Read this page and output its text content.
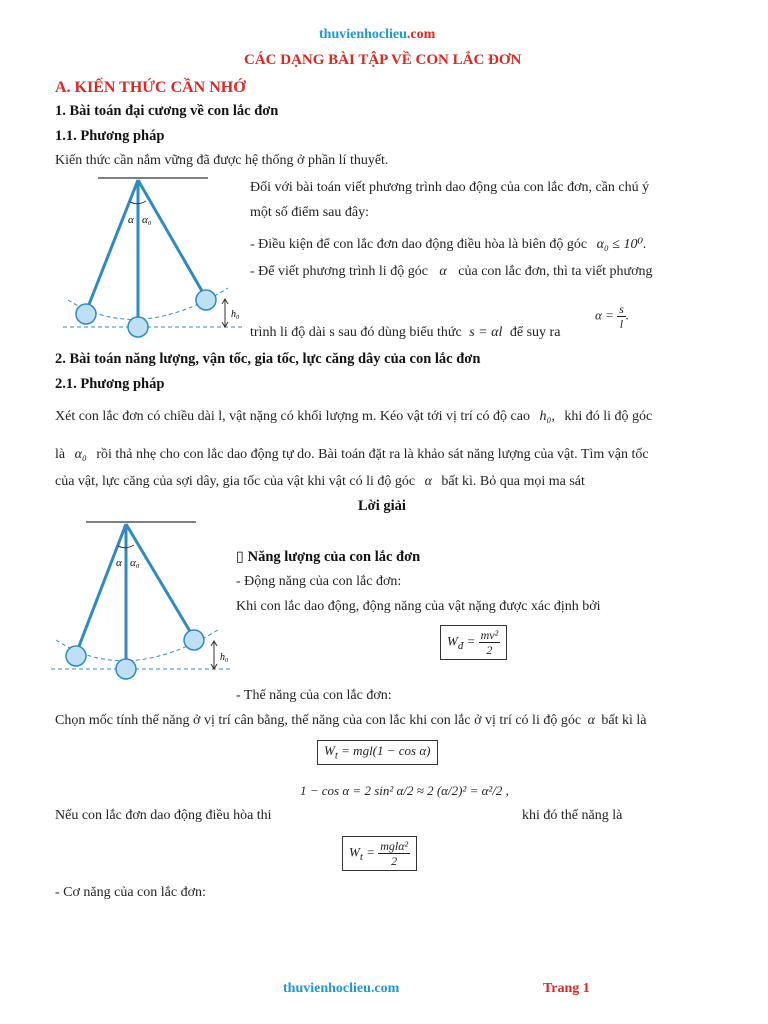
thuvienhoclieu.com
CÁC DẠNG BÀI TẬP VỀ CON LẮC ĐƠN
A. KIẾN THỨC CẦN NHỚ
1. Bài toán đại cương về con lắc đơn
1.1. Phương pháp
Kiến thức cần nắm vững đã được hệ thống ở phần lí thuyết.
α α₀
h₀
Đối với bài toán viết phương trình dao động của con lắc đơn, cần chú ý
một số điểm sau đây:
- Điều kiện để con lắc đơn dao động điều hòa là biên độ góc α₀ ≤ 10⁰.
- Để viết phương trình li độ góc α của con lắc đơn, thì ta viết phương
trình li độ dài s sau đó dùng biểu thức s = αl để suy ra
$\alpha = \frac{s}{l}$ .
2. Bài toán năng lượng, vận tốc, gia tốc, lực căng dây của con lắc đơn
2.1. Phương pháp
Xét con lắc đơn có chiều dài l, vật nặng có khối lượng m. Kéo vật tới vị trí có độ cao h₀, khi đó li độ góc
là α₀ rồi thả nhẹ cho con lắc dao động tự do. Bài toán đặt ra là khảo sát năng lượng của vật. Tìm vận tốc
của vật, lực căng của sợi dây, gia tốc của vật khi vật có li độ góc α bất kì. Bỏ qua mọi ma sát
Lời giải
α α₀
h₀
▯ Năng lượng của con lắc đơn
- Động năng của con lắc đơn:
Khi con lắc dao động, động năng của vật nặng được xác định bởi
$W_đ = \frac{\text{mv²}}{2}$
- Thế năng của con lắc đơn:
Chọn mốc tính thế năng ở vị trí cân bằng, thế năng của con lắc khi con lắc ở vị trí có li độ góc α bất kì là
$W_t = mgl(1 - \cos \alpha)$
Nếu con lắc đơn dao động điều hòa thi
1 − cos α = 2 sin² α/2 ≈ 2 (α/2)² = α²/2 ,
khi đó thế năng là
$W_t = \frac{\text{mglα²}}{2}$
- Cơ năng của con lắc đơn:
thuvienhoclieu.com	Trang 1
